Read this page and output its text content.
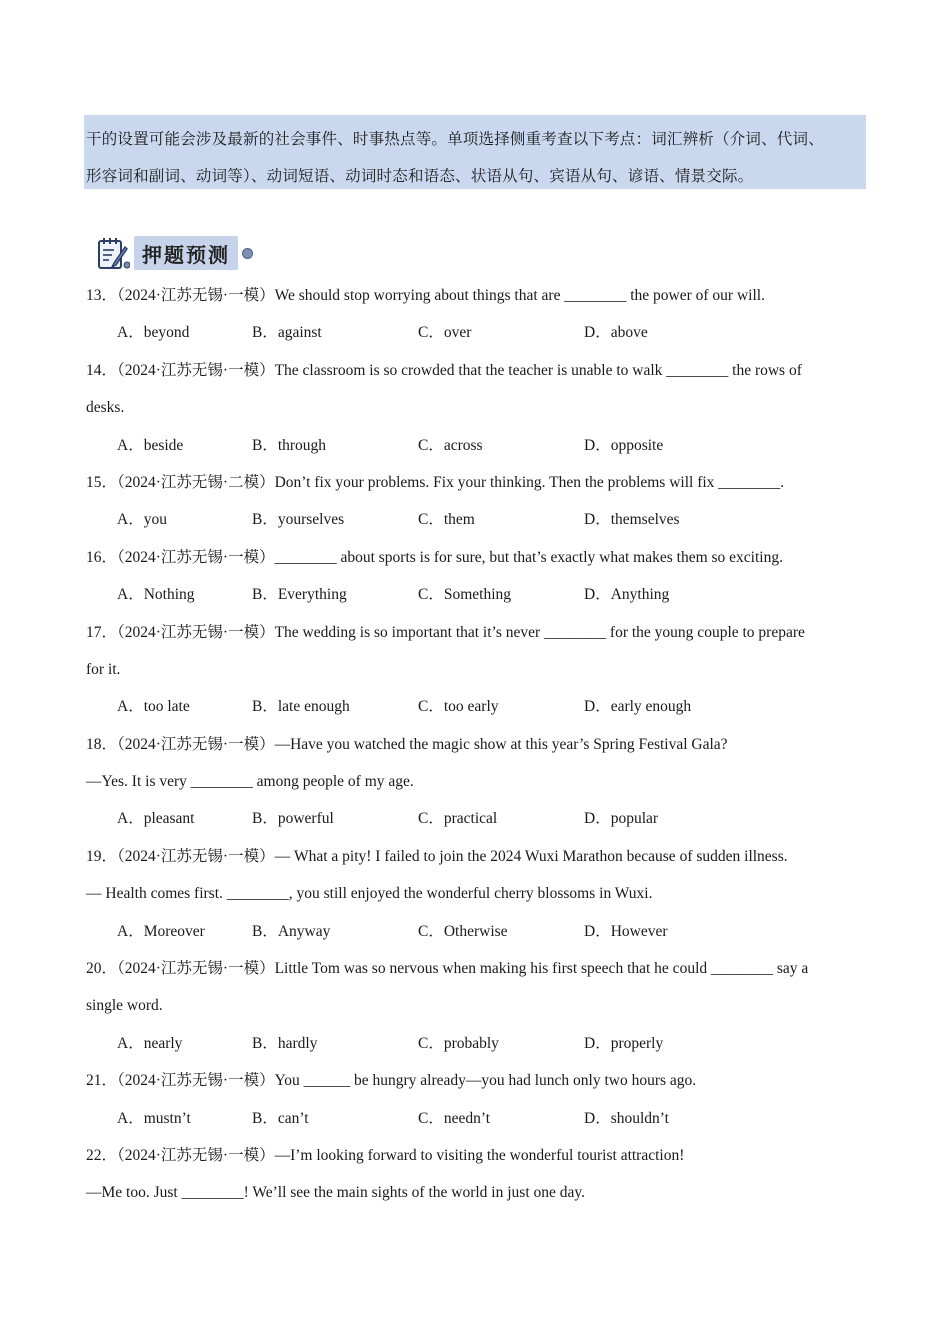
干的设置可能会涉及最新的社会事件、时事热点等。单项选择侧重考查以下考点：词汇辨析（介词、代词、

形容词和副词、动词等）、动词短语、动词时态和语态、状语从句、宾语从句、谚语、情景交际。

押题预测
13．（2024·江苏无锡·一模）We should stop worrying about things that are ________ the power of our will.
A．beyond	B．against	C．over	D．above
14．（2024·江苏无锡·一模）The classroom is so crowded that the teacher is unable to walk ________ the rows of
desks.
A．beside	B．through	C．across	D．opposite
15．（2024·江苏无锡·二模）Don’t fix your problems. Fix your thinking. Then the problems will fix ________.
A．you	B．yourselves	C．them	D．themselves
16．（2024·江苏无锡·一模）________ about sports is for sure, but that’s exactly what makes them so exciting.
A．Nothing	B．Everything	C．Something	D．Anything
17．（2024·江苏无锡·一模）The wedding is so important that it’s never ________ for the young couple to prepare
for it.
A．too late	B．late enough	C．too early	D．early enough
18．（2024·江苏无锡·一模）—Have you watched the magic show at this year’s Spring Festival Gala?
—Yes. It is very ________ among people of my age.
A．pleasant	B．powerful	C．practical	D．popular
19．（2024·江苏无锡·一模）— What a pity! I failed to join the 2024 Wuxi Marathon because of sudden illness.
— Health comes first. ________, you still enjoyed the wonderful cherry blossoms in Wuxi.
A．Moreover	B．Anyway	C．Otherwise	D．However
20．（2024·江苏无锡·一模）Little Tom was so nervous when making his first speech that he could ________ say a
single word.
A．nearly	B．hardly	C．probably	D．properly
21．（2024·江苏无锡·一模）You ______ be hungry already—you had lunch only two hours ago.
A．mustn’t	B．can’t	C．needn’t	D．shouldn’t
22．（2024·江苏无锡·一模）—I’m looking forward to visiting the wonderful tourist attraction!
—Me too. Just ________! We’ll see the main sights of the world in just one day.
